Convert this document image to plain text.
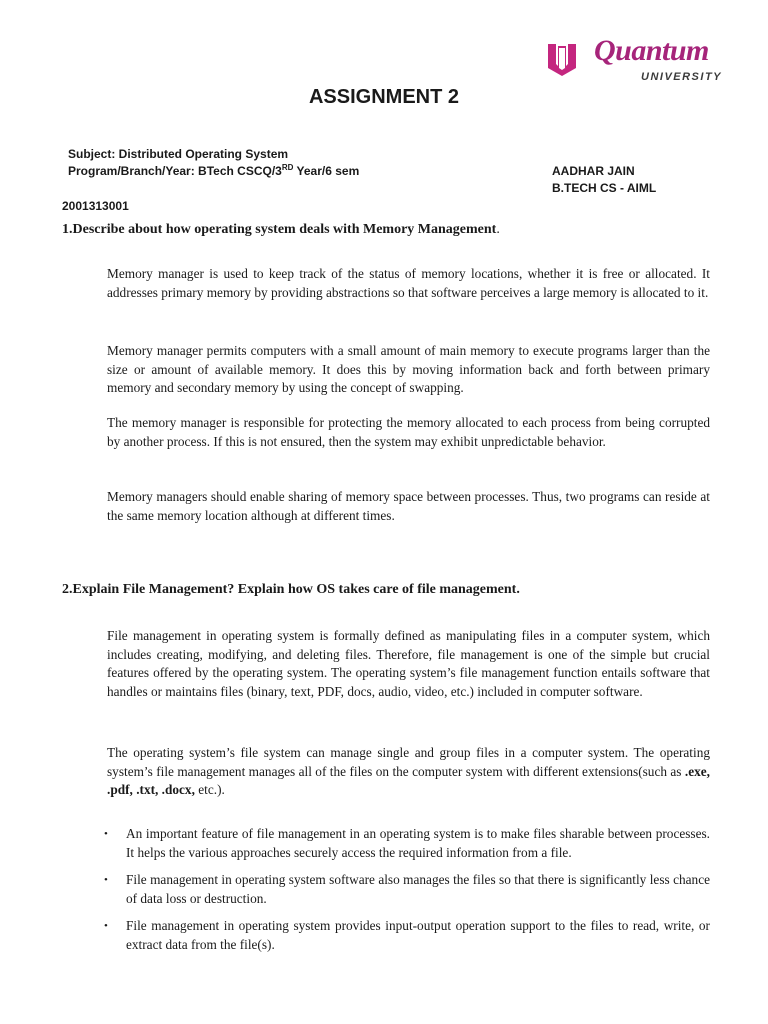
Quantum
UNIVERSITY
ASSIGNMENT 2
Subject: Distributed Operating System
Program/Branch/Year: BTech CSCQ/3RD Year/6 sem	AADHAR JAIN
B.TECH CS - AIML
2001313001
1.Describe about how operating system deals with Memory Management.

Memory manager is used to keep track of the status of memory locations, whether it is free or allocated. It addresses primary memory by providing abstractions so that software perceives a large memory is allocated to it.

Memory manager permits computers with a small amount of main memory to execute programs larger than the size or amount of available memory. It does this by moving information back and forth between primary memory and secondary memory by using the concept of swapping.

The memory manager is responsible for protecting the memory allocated to each process from being corrupted by another process. If this is not ensured, then the system may exhibit unpredictable behavior.

Memory managers should enable sharing of memory space between processes. Thus, two programs can reside at the same memory location although at different times.

2.Explain File Management? Explain how OS takes care of file management.

File management in operating system is formally defined as manipulating files in a computer system, which includes creating, modifying, and deleting files. Therefore, file management is one of the simple but crucial features offered by the operating system. The operating system’s file management function entails software that handles or maintains files (binary, text, PDF, docs, audio, video, etc.) included in computer software.

The operating system’s file system can manage single and group files in a computer system. The operating system’s file management manages all of the files on the computer system with different extensions(such as .exe, .pdf, .txt, .docx, etc.).

• An important feature of file management in an operating system is to make files sharable between processes. It helps the various approaches securely access the required information from a file.
• File management in operating system software also manages the files so that there is significantly less chance of data loss or destruction.
• File management in operating system provides input-output operation support to the files to read, write, or extract data from the file(s).
